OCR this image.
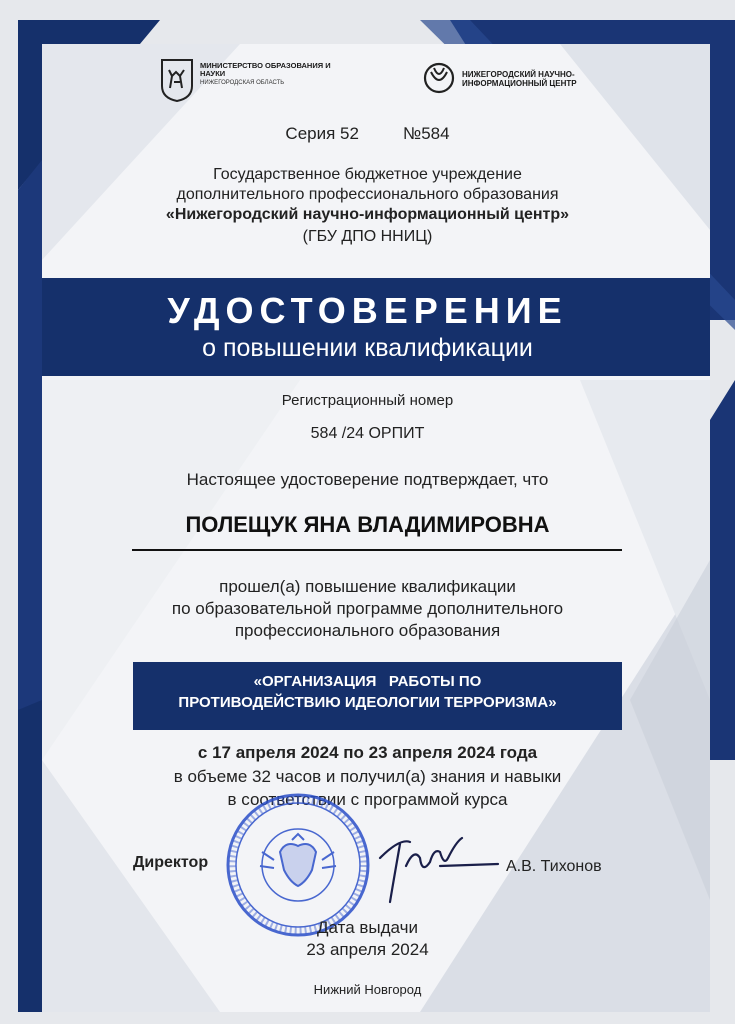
МИНИСТЕРСТВО ОБРАЗОВАНИЯ И НАУКИ
НИЖЕГОРОДСКАЯ ОБЛАСТЬ
НИЖЕГОРОДСКИЙ НАУЧНО-ИНФОРМАЦИОННЫЙ ЦЕНТР
Серия 52	№584
Государственное бюджетное учреждение
дополнительного профессионального образования
«Нижегородский научно-информационный центр»
(ГБУ ДПО ННИЦ)
УДОСТОВЕРЕНИЕ
о повышении квалификации
Регистрационный номер
584 /24 ОРПИТ
Настоящее удостоверение подтверждает, что
ПОЛЕЩУК ЯНА ВЛАДИМИРОВНА
прошел(а) повышение квалификации
по образовательной программе дополнительного
профессионального образования
«ОРГАНИЗАЦИЯ   РАБОТЫ ПО
ПРОТИВОДЕЙСТВИЮ ИДЕОЛОГИИ ТЕРРОРИЗМА»
с 17 апреля 2024 по 23 апреля 2024 года
в объеме 32 часов и получил(а) знания и навыки
в соответствии с программой курса
Директор	А.В. Тихонов
Дата выдачи
23 апреля 2024
Нижний Новгород
